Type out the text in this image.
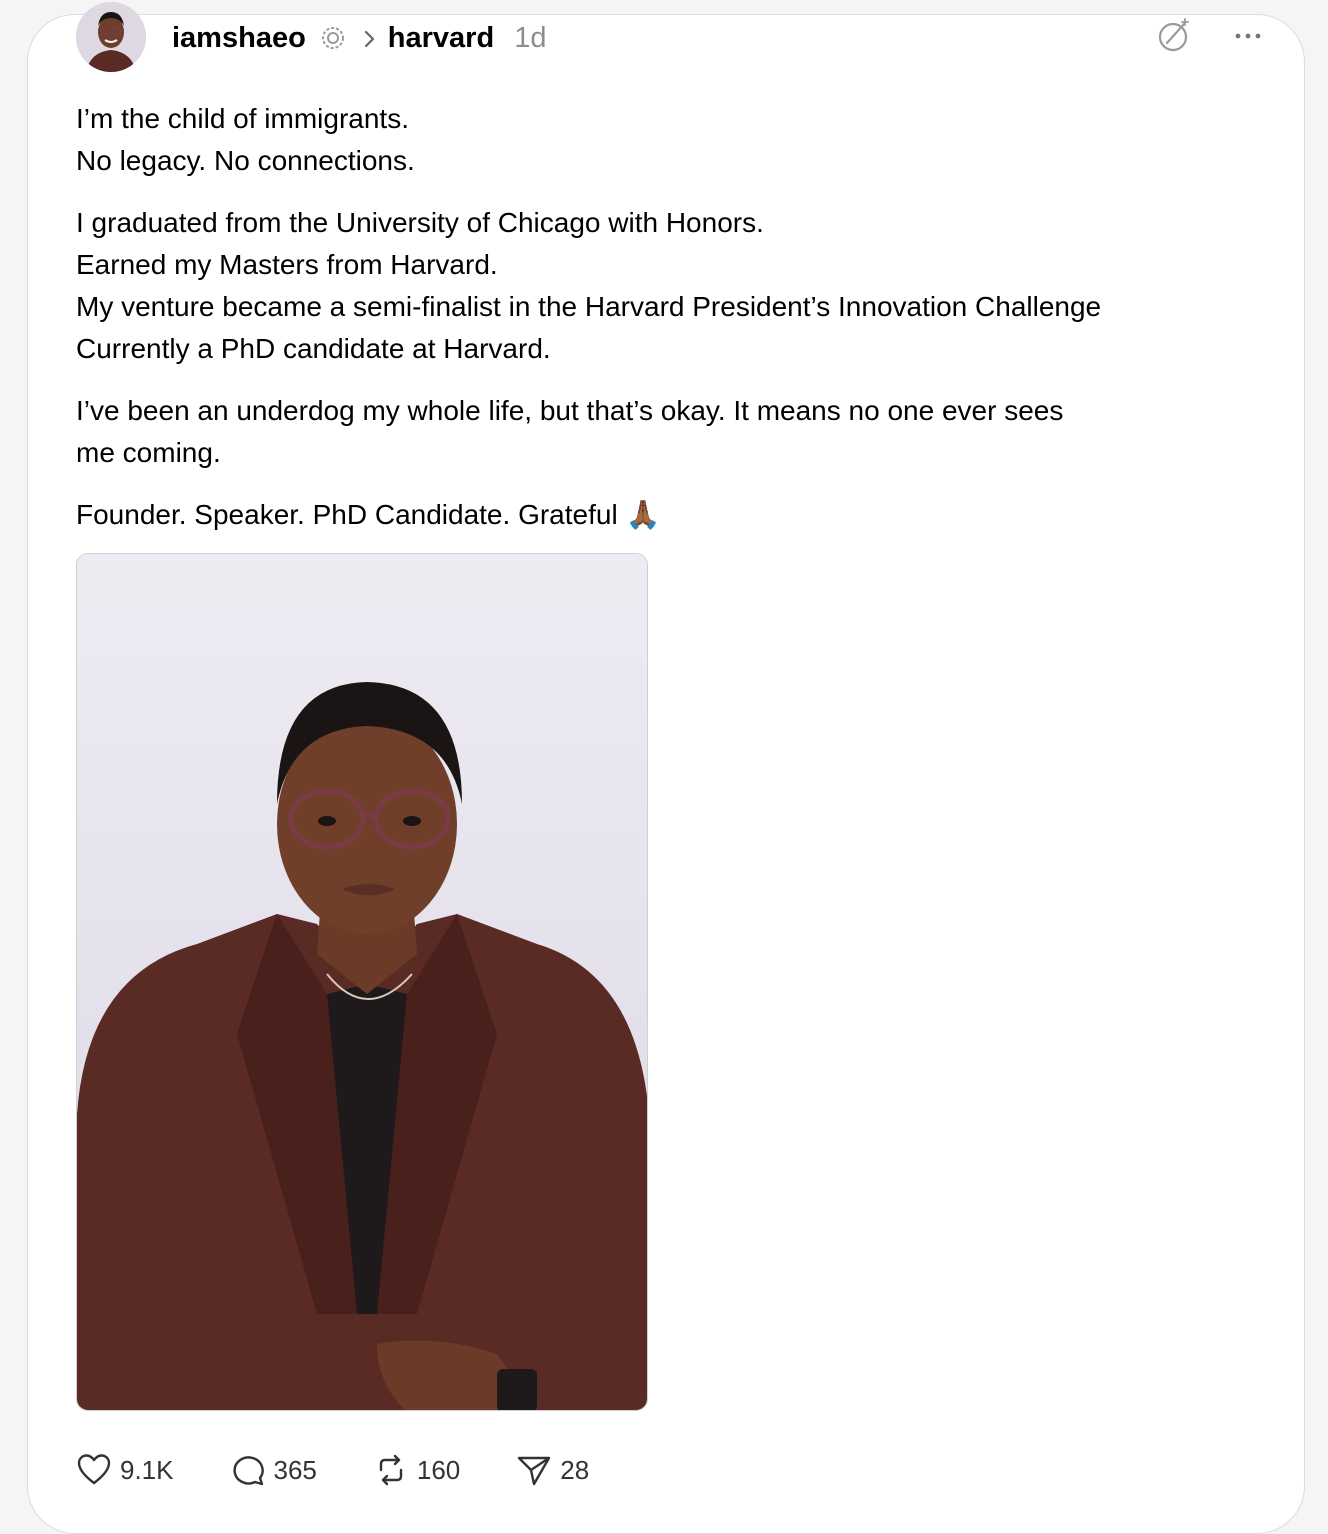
iamshaeo	harvard 1d

I’m the child of immigrants.
No legacy. No connections.

I graduated from the University of Chicago with Honors.
Earned my Masters from Harvard.
My venture became a semi-finalist in the Harvard President’s Innovation Challenge
Currently a PhD candidate at Harvard.

I’ve been an underdog my whole life, but that’s okay. It means no one ever sees
me coming.

Founder. Speaker. PhD Candidate. Grateful 🙏🏾

9.1K	365	160	28
